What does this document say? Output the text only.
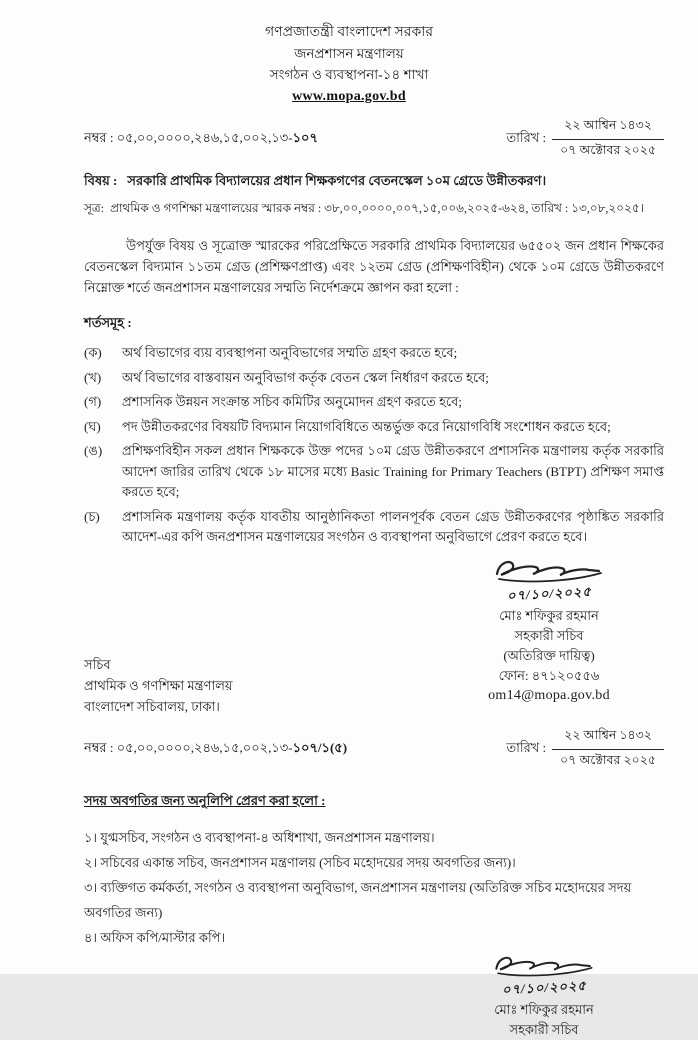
গণপ্রজাতন্ত্রী বাংলাদেশ সরকার
জনপ্রশাসন মন্ত্রণালয়
সংগঠন ও ব্যবস্থাপনা-১৪ শাখা
www.mopa.gov.bd
নম্বর : ০৫,০০,০০০০,২৪৬,১৫,০০২,১৩-১০৭	তারিখ : $\frac{\text{২২ আশ্বিন ১৪৩২}}{\text{০৭ অক্টোবর ২০২৫}}$
বিষয় : সরকারি প্রাথমিক বিদ্যালয়ের প্রধান শিক্ষকগণের বেতনস্কেল ১০ম গ্রেডে উন্নীতকরণ।
সূত্র: প্রাথমিক ও গণশিক্ষা মন্ত্রণালয়ের স্মারক নম্বর : ৩৮,০০,০০০০,০০৭,১৫,০০৬,২০২৫-৬২৪, তারিখ : ১৩,০৮,২০২৫।

উপর্যুক্ত বিষয় ও সূত্রোক্ত স্মারকের পরিপ্রেক্ষিতে সরকারি প্রাথমিক বিদ্যালয়ের ৬৫৫০২ জন প্রধান শিক্ষকের বেতনস্কেল বিদ্যমান ১১তম গ্রেড (প্রশিক্ষণপ্রাপ্ত) এবং ১২তম গ্রেড (প্রশিক্ষণবিহীন) থেকে ১০ম গ্রেডে উন্নীতকরণে নিম্নোক্ত শর্তে জনপ্রশাসন মন্ত্রণালয়ের সম্মতি নির্দেশক্রমে জ্ঞাপন করা হলো :

শর্তসমূহ :
(ক)	অর্থ বিভাগের ব্যয় ব্যবস্থাপনা অনুবিভাগের সম্মতি গ্রহণ করতে হবে;
(খ)	অর্থ বিভাগের বাস্তবায়ন অনুবিভাগ কর্তৃক বেতন স্কেল নির্ধারণ করতে হবে;
(গ)	প্রশাসনিক উন্নয়ন সংক্রান্ত সচিব কমিটির অনুমোদন গ্রহণ করতে হবে;
(ঘ)	পদ উন্নীতকরণের বিষয়টি বিদ্যমান নিয়োগবিধিতে অন্তর্ভুক্ত করে নিয়োগবিধি সংশোধন করতে হবে;
(ঙ)	প্রশিক্ষণবিহীন সকল প্রধান শিক্ষককে উক্ত পদের ১০ম গ্রেড উন্নীতকরণে প্রশাসনিক মন্ত্রণালয় কর্তৃক সরকারি আদেশ জারির তারিখ থেকে ১৮ মাসের মধ্যে Basic Training for Primary Teachers (BTPT) প্রশিক্ষণ সমাপ্ত করতে হবে;
(চ)	প্রশাসনিক মন্ত্রণালয় কর্তৃক যাবতীয় আনুষ্ঠানিকতা পালনপূর্বক বেতন গ্রেড উন্নীতকরণের পৃষ্ঠাঙ্কিত সরকারি আদেশ-এর কপি জনপ্রশাসন মন্ত্রণালয়ের সংগঠন ও ব্যবস্থাপনা অনুবিভাগে প্রেরণ করতে হবে।
০৭/১০/২০২৫
মোঃ শফিকুর রহমান
সহকারী সচিব
(অতিরিক্ত দায়িত্ব)
ফোন: ৪৭১২০৫৫৬
om14@mopa.gov.bd
সচিব
প্রাথমিক ও গণশিক্ষা মন্ত্রণালয়
বাংলাদেশ সচিবালয়, ঢাকা।
নম্বর : ০৫,০০,০০০০,২৪৬,১৫,০০২,১৩-১০৭/১(৫)	তারিখ : $\frac{\text{২২ আশ্বিন ১৪৩২}}{\text{০৭ অক্টোবর ২০২৫}}$
সদয় অবগতির জন্য অনুলিপি প্রেরণ করা হলো :
১। যুগ্মসচিব, সংগঠন ও ব্যবস্থাপনা-৪ অধিশাখা, জনপ্রশাসন মন্ত্রণালয়।
২। সচিবের একান্ত সচিব, জনপ্রশাসন মন্ত্রণালয় (সচিব মহোদয়ের সদয় অবগতির জন্য)।
৩। ব্যক্তিগত কর্মকর্তা, সংগঠন ও ব্যবস্থাপনা অনুবিভাগ, জনপ্রশাসন মন্ত্রণালয় (অতিরিক্ত সচিব মহোদয়ের সদয় অবগতির জন্য)
৪। অফিস কপি/মাস্টার কপি।
০৭/১০/২০২৫
মোঃ শফিকুর রহমান
সহকারী সচিব
